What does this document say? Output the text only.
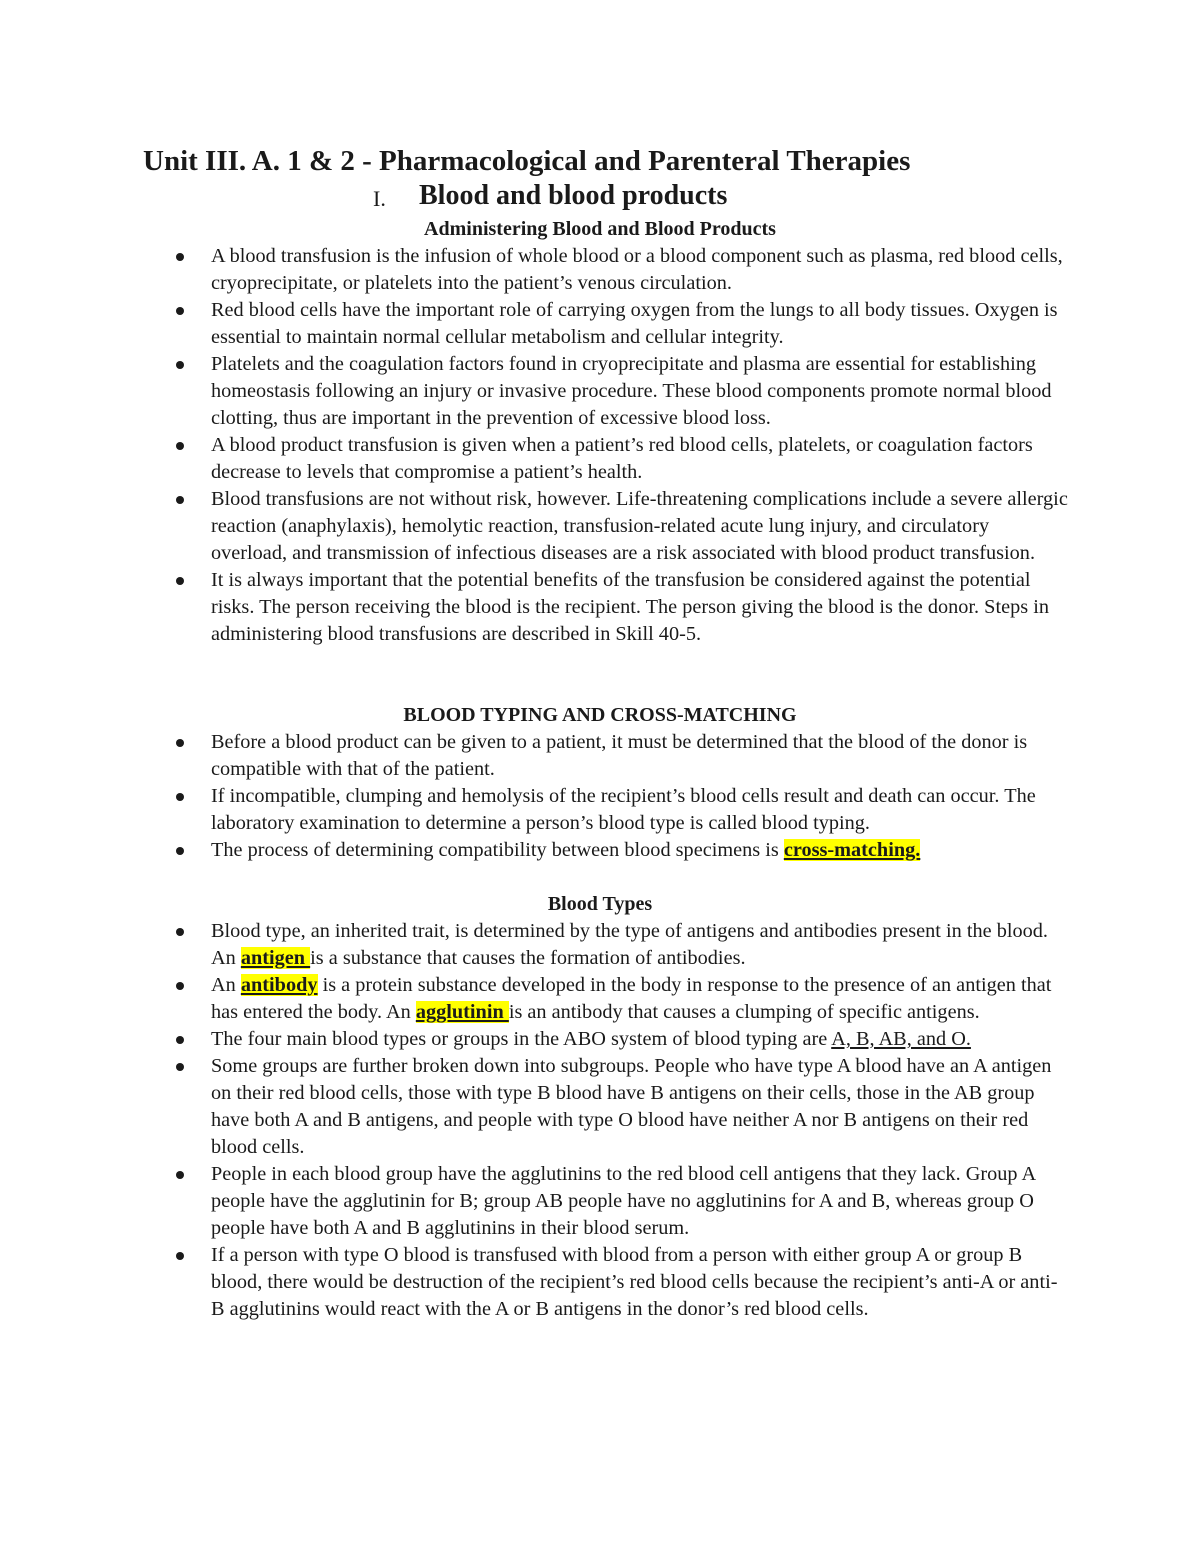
Unit III. A. 1 & 2 - Pharmacological and Parenteral Therapies
I. Blood and blood products
Administering Blood and Blood Products
A blood transfusion is the infusion of whole blood or a blood component such as plasma, red blood cells, cryoprecipitate, or platelets into the patient’s venous circulation.
Red blood cells have the important role of carrying oxygen from the lungs to all body tissues. Oxygen is essential to maintain normal cellular metabolism and cellular integrity.
Platelets and the coagulation factors found in cryoprecipitate and plasma are essential for establishing homeostasis following an injury or invasive procedure. These blood components promote normal blood clotting, thus are important in the prevention of excessive blood loss.
A blood product transfusion is given when a patient’s red blood cells, platelets, or coagulation factors decrease to levels that compromise a patient’s health.
Blood transfusions are not without risk, however. Life-threatening complications include a severe allergic reaction (anaphylaxis), hemolytic reaction, transfusion-related acute lung injury, and circulatory overload, and transmission of infectious diseases are a risk associated with blood product transfusion.
It is always important that the potential benefits of the transfusion be considered against the potential risks. The person receiving the blood is the recipient. The person giving the blood is the donor. Steps in administering blood transfusions are described in Skill 40-5.
BLOOD TYPING AND CROSS-MATCHING
Before a blood product can be given to a patient, it must be determined that the blood of the donor is compatible with that of the patient.
If incompatible, clumping and hemolysis of the recipient’s blood cells result and death can occur. The laboratory examination to determine a person’s blood type is called blood typing.
The process of determining compatibility between blood specimens is cross-matching.
Blood Types
Blood type, an inherited trait, is determined by the type of antigens and antibodies present in the blood. An antigen is a substance that causes the formation of antibodies.
An antibody is a protein substance developed in the body in response to the presence of an antigen that has entered the body. An agglutinin is an antibody that causes a clumping of specific antigens.
The four main blood types or groups in the ABO system of blood typing are A, B, AB, and O.
Some groups are further broken down into subgroups. People who have type A blood have an A antigen on their red blood cells, those with type B blood have B antigens on their cells, those in the AB group have both A and B antigens, and people with type O blood have neither A nor B antigens on their red blood cells.
People in each blood group have the agglutinins to the red blood cell antigens that they lack. Group A people have the agglutinin for B; group AB people have no agglutinins for A and B, whereas group O people have both A and B agglutinins in their blood serum.
If a person with type O blood is transfused with blood from a person with either group A or group B blood, there would be destruction of the recipient’s red blood cells because the recipient’s anti-A or anti-B agglutinins would react with the A or B antigens in the donor’s red blood cells.
